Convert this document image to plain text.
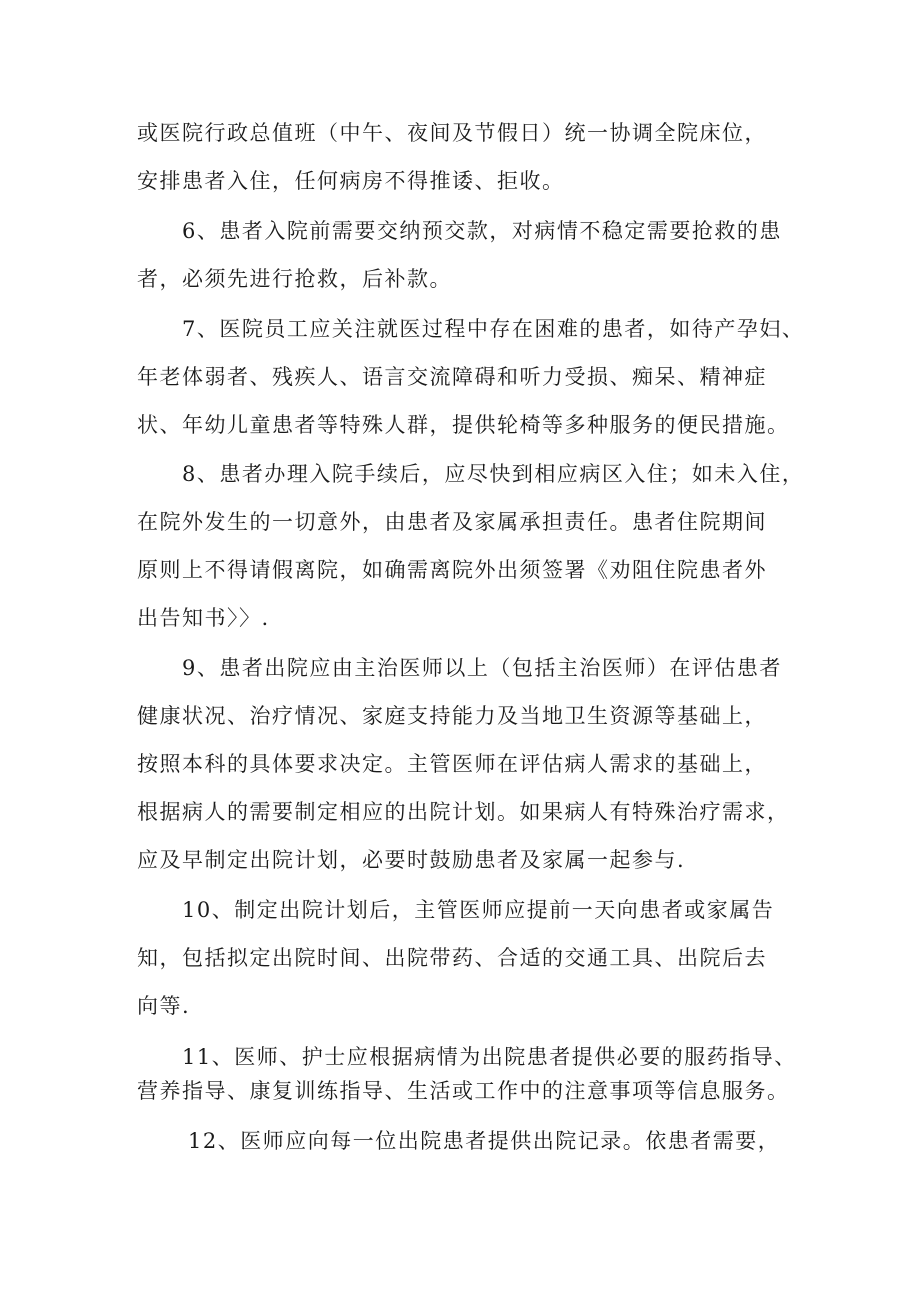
或医院行政总值班（中午、夜间及节假日）统一协调全院床位，
安排患者入住，任何病房不得推诿、拒收。
6、患者入院前需要交纳预交款，对病情不稳定需要抢救的患
者，必须先进行抢救，后补款。
7、医院员工应关注就医过程中存在困难的患者，如待产孕妇、
年老体弱者、残疾人、语言交流障碍和听力受损、痴呆、精神症
状、年幼儿童患者等特殊人群，提供轮椅等多种服务的便民措施。
8、患者办理入院手续后，应尽快到相应病区入住；如未入住，
在院外发生的一切意外，由患者及家属承担责任。患者住院期间
原则上不得请假离院，如确需离院外出须签署《劝阻住院患者外
出告知书〉〉.
9、患者出院应由主治医师以上（包括主治医师）在评估患者
健康状况、治疗情况、家庭支持能力及当地卫生资源等基础上，
按照本科的具体要求决定。主管医师在评估病人需求的基础上，
根据病人的需要制定相应的出院计划。如果病人有特殊治疗需求，
应及早制定出院计划，必要时鼓励患者及家属一起参与.
10、制定出院计划后，主管医师应提前一天向患者或家属告
知，包括拟定出院时间、出院带药、合适的交通工具、出院后去
向等.
11、医师、护士应根据病情为出院患者提供必要的服药指导、
营养指导、康复训练指导、生活或工作中的注意事项等信息服务。
12、医师应向每一位出院患者提供出院记录。依患者需要，
